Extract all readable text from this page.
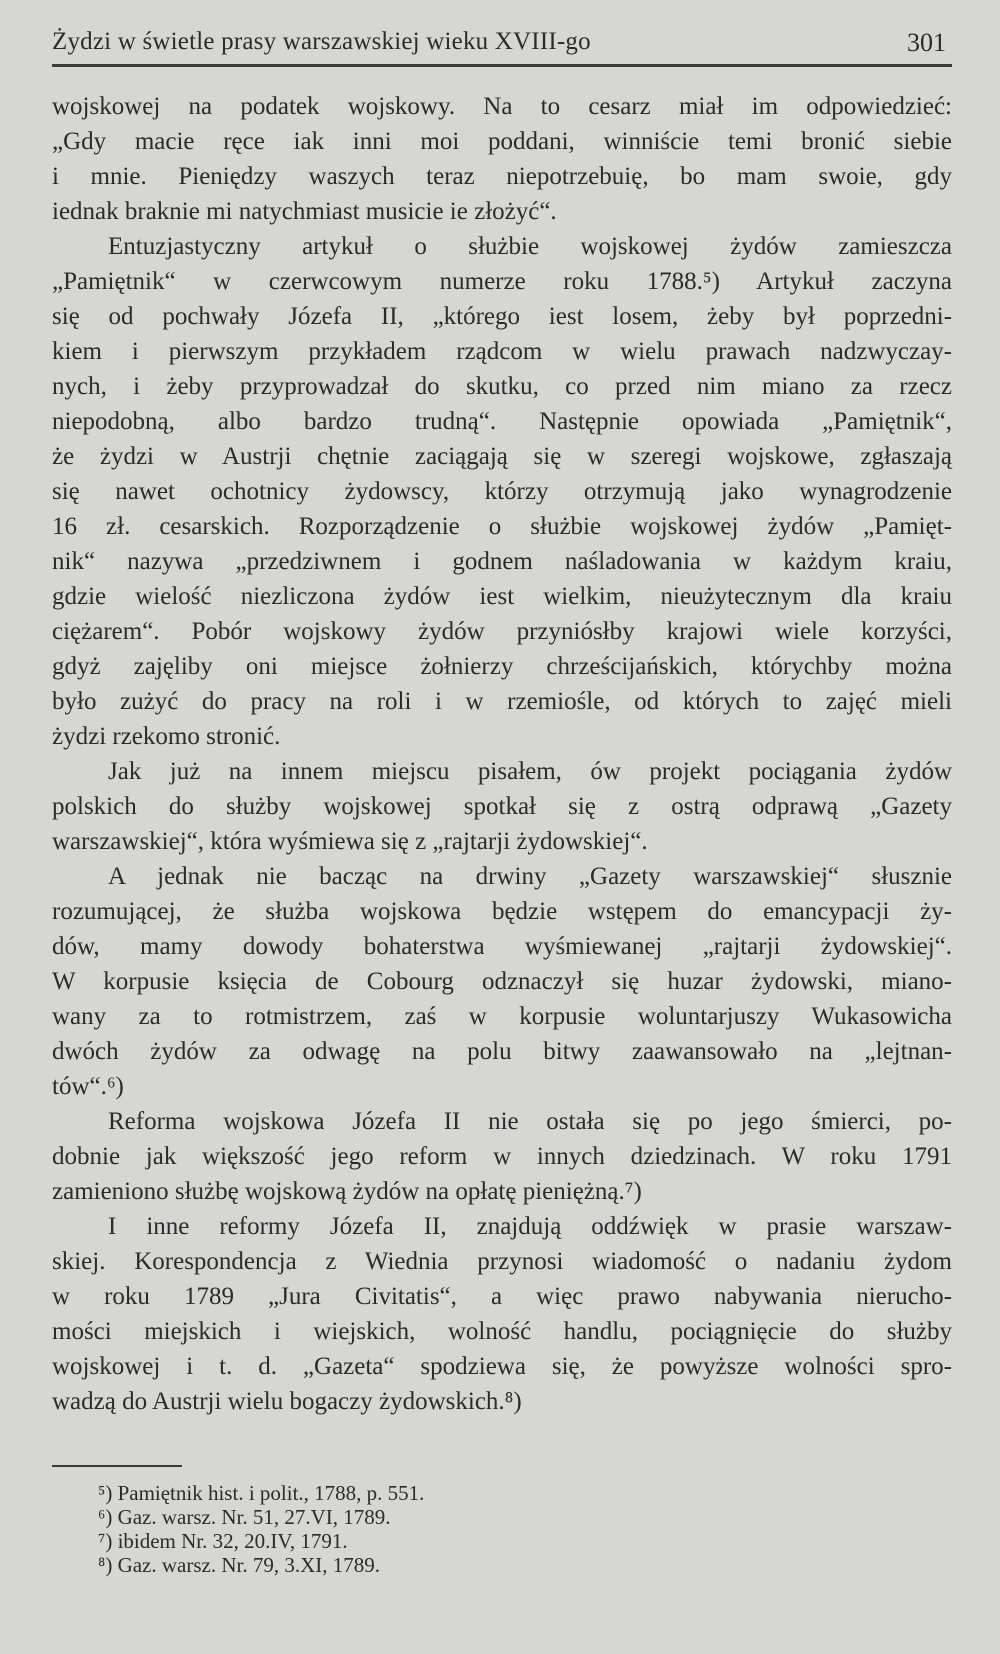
Żydzi w świetle prasy warszawskiej wieku XVIII-go	301
wojskowej na podatek wojskowy. Na to cesarz miał im odpowiedzieć:
„Gdy macie ręce iak inni moi poddani, winniście temi bronić siebie
i mnie. Pieniędzy waszych teraz niepotrzebuię, bo mam swoie, gdy
iednak braknie mi natychmiast musicie ie złożyć“.
Entuzjastyczny artykuł o służbie wojskowej żydów zamieszcza
„Pamiętnik“ w czerwcowym numerze roku 1788.⁵) Artykuł zaczyna
się od pochwały Józefa II, „którego iest losem, żeby był poprzedni-
kiem i pierwszym przykładem rządcom w wielu prawach nadzwyczay-
nych, i żeby przyprowadzał do skutku, co przed nim miano za rzecz
niepodobną, albo bardzo trudną“. Następnie opowiada „Pamiętnik“,
że żydzi w Austrji chętnie zaciągają się w szeregi wojskowe, zgłaszają
się nawet ochotnicy żydowscy, którzy otrzymują jako wynagrodzenie
16 zł. cesarskich. Rozporządzenie o służbie wojskowej żydów „Pamięt-
nik“ nazywa „przedziwnem i godnem naśladowania w każdym kraiu,
gdzie wielość niezliczona żydów iest wielkim, nieużytecznym dla kraiu
ciężarem“. Pobór wojskowy żydów przyniósłby krajowi wiele korzyści,
gdyż zajęliby oni miejsce żołnierzy chrześcijańskich, którychby można
było zużyć do pracy na roli i w rzemiośle, od których to zajęć mieli
żydzi rzekomo stronić.
Jak już na innem miejscu pisałem, ów projekt pociągania żydów
polskich do służby wojskowej spotkał się z ostrą odprawą „Gazety
warszawskiej“, która wyśmiewa się z „rajtarji żydowskiej“.
A jednak nie bacząc na drwiny „Gazety warszawskiej“ słusznie
rozumującej, że służba wojskowa będzie wstępem do emancypacji ży-
dów, mamy dowody bohaterstwa wyśmiewanej „rajtarji żydowskiej“.
W korpusie księcia de Cobourg odznaczył się huzar żydowski, miano-
wany za to rotmistrzem, zaś w korpusie woluntarjuszy Wukasowicha
dwóch żydów za odwagę na polu bitwy zaawansowało na „lejtnan-
tów“.⁶)
Reforma wojskowa Józefa II nie ostała się po jego śmierci, po-
dobnie jak większość jego reform w innych dziedzinach. W roku 1791
zamieniono służbę wojskową żydów na opłatę pieniężną.⁷)
I inne reformy Józefa II, znajdują oddźwięk w prasie warszaw-
skiej. Korespondencja z Wiednia przynosi wiadomość o nadaniu żydom
w roku 1789 „Jura Civitatis“, a więc prawo nabywania nierucho-
mości miejskich i wiejskich, wolność handlu, pociągnięcie do służby
wojskowej i t. d. „Gazeta“ spodziewa się, że powyższe wolności spro-
wadzą do Austrji wielu bogaczy żydowskich.⁸)
⁵) Pamiętnik hist. i polit., 1788, p. 551.
⁶) Gaz. warsz. Nr. 51, 27.VI, 1789.
⁷) ibidem Nr. 32, 20.IV, 1791.
⁸) Gaz. warsz. Nr. 79, 3.XI, 1789.
